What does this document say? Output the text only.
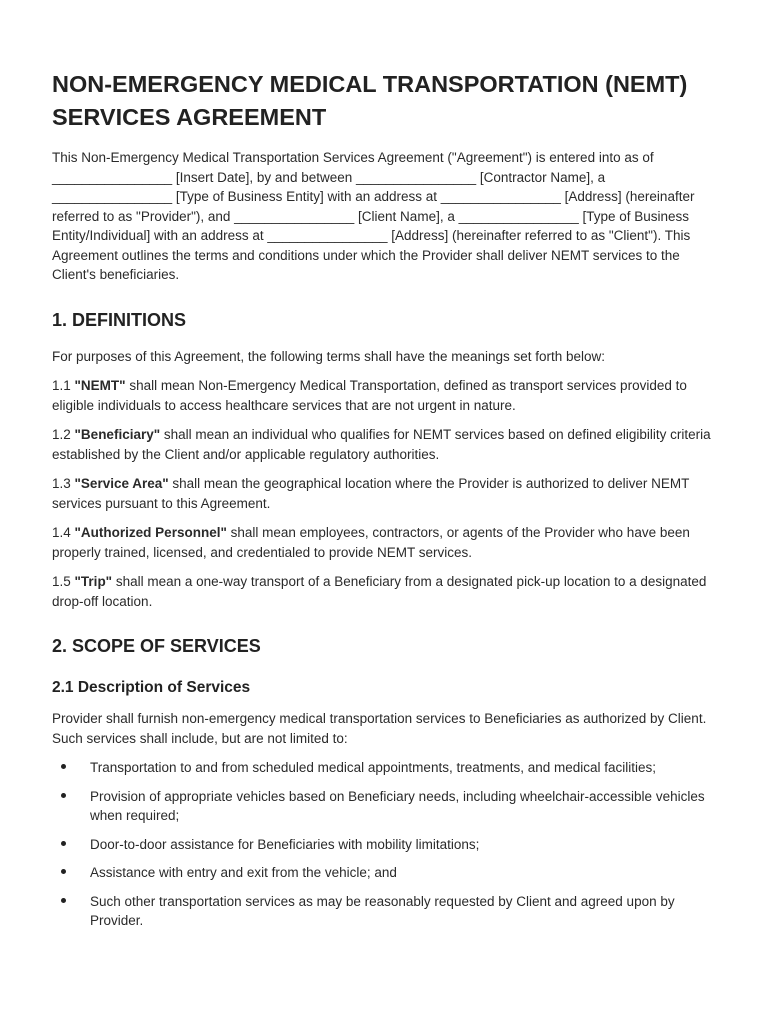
NON-EMERGENCY MEDICAL TRANSPORTATION (NEMT) SERVICES AGREEMENT

This Non-Emergency Medical Transportation Services Agreement ("Agreement") is entered into as of ________________ [Insert Date], by and between ________________ [Contractor Name], a ________________ [Type of Business Entity] with an address at ________________ [Address] (hereinafter referred to as "Provider"), and ________________ [Client Name], a ________________ [Type of Business Entity/Individual] with an address at ________________ [Address] (hereinafter referred to as "Client"). This Agreement outlines the terms and conditions under which the Provider shall deliver NEMT services to the Client's beneficiaries.

1. DEFINITIONS

For purposes of this Agreement, the following terms shall have the meanings set forth below:

1.1 "NEMT" shall mean Non-Emergency Medical Transportation, defined as transport services provided to eligible individuals to access healthcare services that are not urgent in nature.

1.2 "Beneficiary" shall mean an individual who qualifies for NEMT services based on defined eligibility criteria established by the Client and/or applicable regulatory authorities.

1.3 "Service Area" shall mean the geographical location where the Provider is authorized to deliver NEMT services pursuant to this Agreement.

1.4 "Authorized Personnel" shall mean employees, contractors, or agents of the Provider who have been properly trained, licensed, and credentialed to provide NEMT services.

1.5 "Trip" shall mean a one-way transport of a Beneficiary from a designated pick-up location to a designated drop-off location.

2. SCOPE OF SERVICES
2.1 Description of Services

Provider shall furnish non-emergency medical transportation services to Beneficiaries as authorized by Client. Such services shall include, but are not limited to:

Transportation to and from scheduled medical appointments, treatments, and medical facilities;
Provision of appropriate vehicles based on Beneficiary needs, including wheelchair-accessible vehicles when required;
Door-to-door assistance for Beneficiaries with mobility limitations;
Assistance with entry and exit from the vehicle; and
Such other transportation services as may be reasonably requested by Client and agreed upon by Provider.
